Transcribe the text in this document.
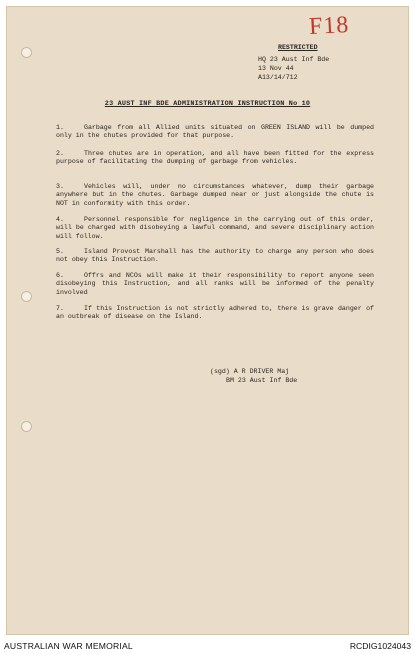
F18
RESTRICTED
HQ 23 Aust Inf Bde
13 Nov 44
A13/14/712
23 AUST INF BDE ADMINISTRATION INSTRUCTION No 10
1.	Garbage from all Allied units situated on GREEN ISLAND will be dumped only in the chutes provided for that purpose.

2.	Three chutes are in operation, and all have been fitted for the express purpose of facilitating the dumping of garbage from vehicles.

3.	Vehicles will, under no circumstances whatever, dump their garbage anywhere but in the chutes. Garbage dumped near or just alongside the chute is NOT in conformity with this order.

4.	Personnel responsible for negligence in the carrying out of this order, will be charged with disobeying a lawful command, and severe disciplinary action will follow.

5.	Island Provost Marshall has the authority to charge any person who does not obey this Instruction.

6.	Offrs and NCOs will make it their responsibility to report anyone seen disobeying this Instruction, and all ranks will be informed of the penalty involved

7.	If this Instruction is not strictly adhered to, there is grave danger of an outbreak of disease on the Island.

(sgd) A R DRIVER Maj
BM 23 Aust Inf Bde
AUSTRALIAN WAR MEMORIAL	RCDIG1024043
